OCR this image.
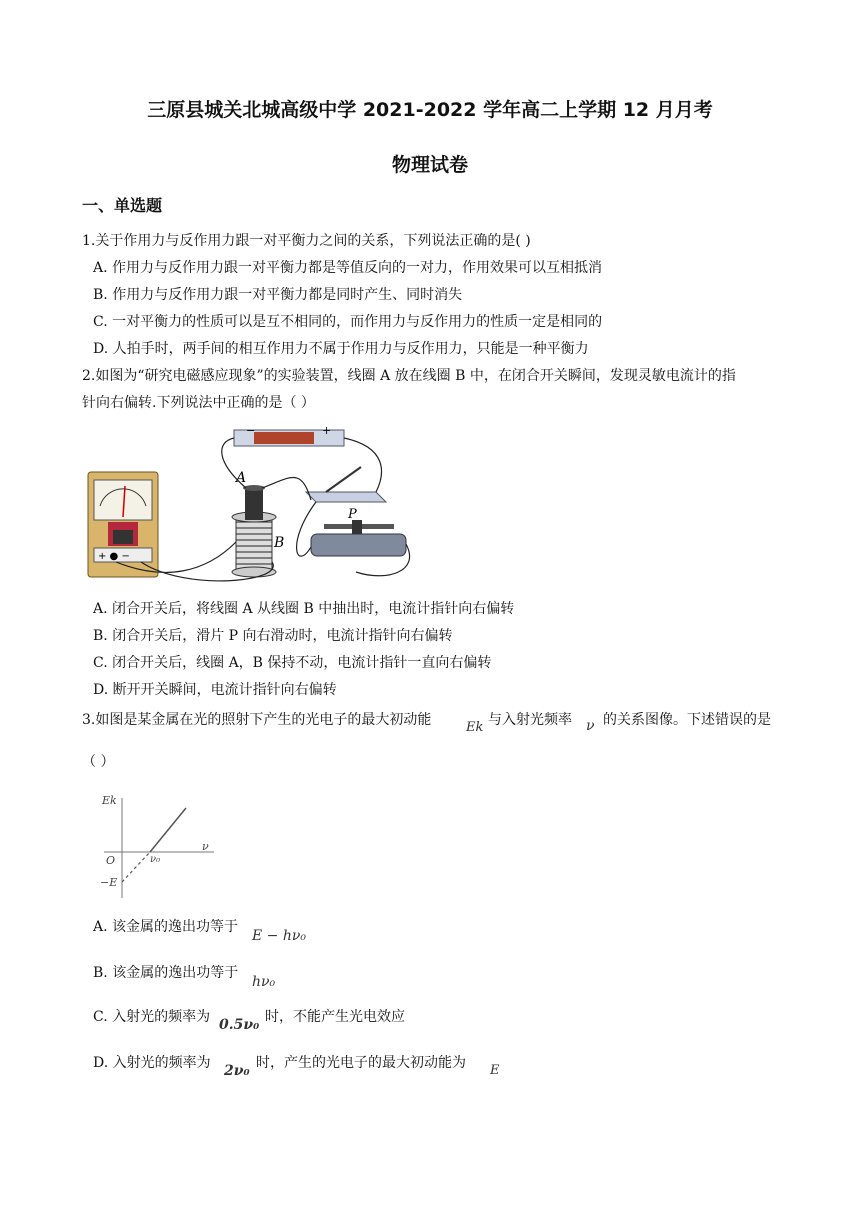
三原县城关北城高级中学 2021-2022 学年高二上学期 12 月月考
物理试卷
一、单选题
1.关于作用力与反作用力跟一对平衡力之间的关系，下列说法正确的是( )
A. 作用力与反作用力跟一对平衡力都是等值反向的一对力，作用效果可以互相抵消
B. 作用力与反作用力跟一对平衡力都是同时产生、同时消失
C. 一对平衡力的性质可以是互不相同的，而作用力与反作用力的性质一定是相同的
D. 人拍手时，两手间的相互作用力不属于作用力与反作用力，只能是一种平衡力
2.如图为“研究电磁感应现象”的实验装置，线圈 A 放在线圈 B 中，在闭合开关瞬间，发现灵敏电流计的指
针向右偏转.下列说法中正确的是（ ）
+ ● −
A
B
P
−	+
A. 闭合开关后，将线圈 A 从线圈 B 中抽出时，电流计指针向右偏转
B. 闭合开关后，滑片 P 向右滑动时，电流计指针向右偏转
C. 闭合开关后，线圈 A，B 保持不动，电流计指针一直向右偏转
D. 断开开关瞬间，电流计指针向右偏转
3.如图是某金属在光的照射下产生的光电子的最大初动能	Ek 与入射光频率 ν 的关系图像。下述错误的是
（ ）
Ek
ν
O	ν₀
−E
A. 该金属的逸出功等于
E − hν₀
B. 该金属的逸出功等于
hν₀
C. 入射光的频率为 0.5ν₀ 时，不能产生光电效应
D. 入射光的频率为 2ν₀ 时，产生的光电子的最大初动能为 E
